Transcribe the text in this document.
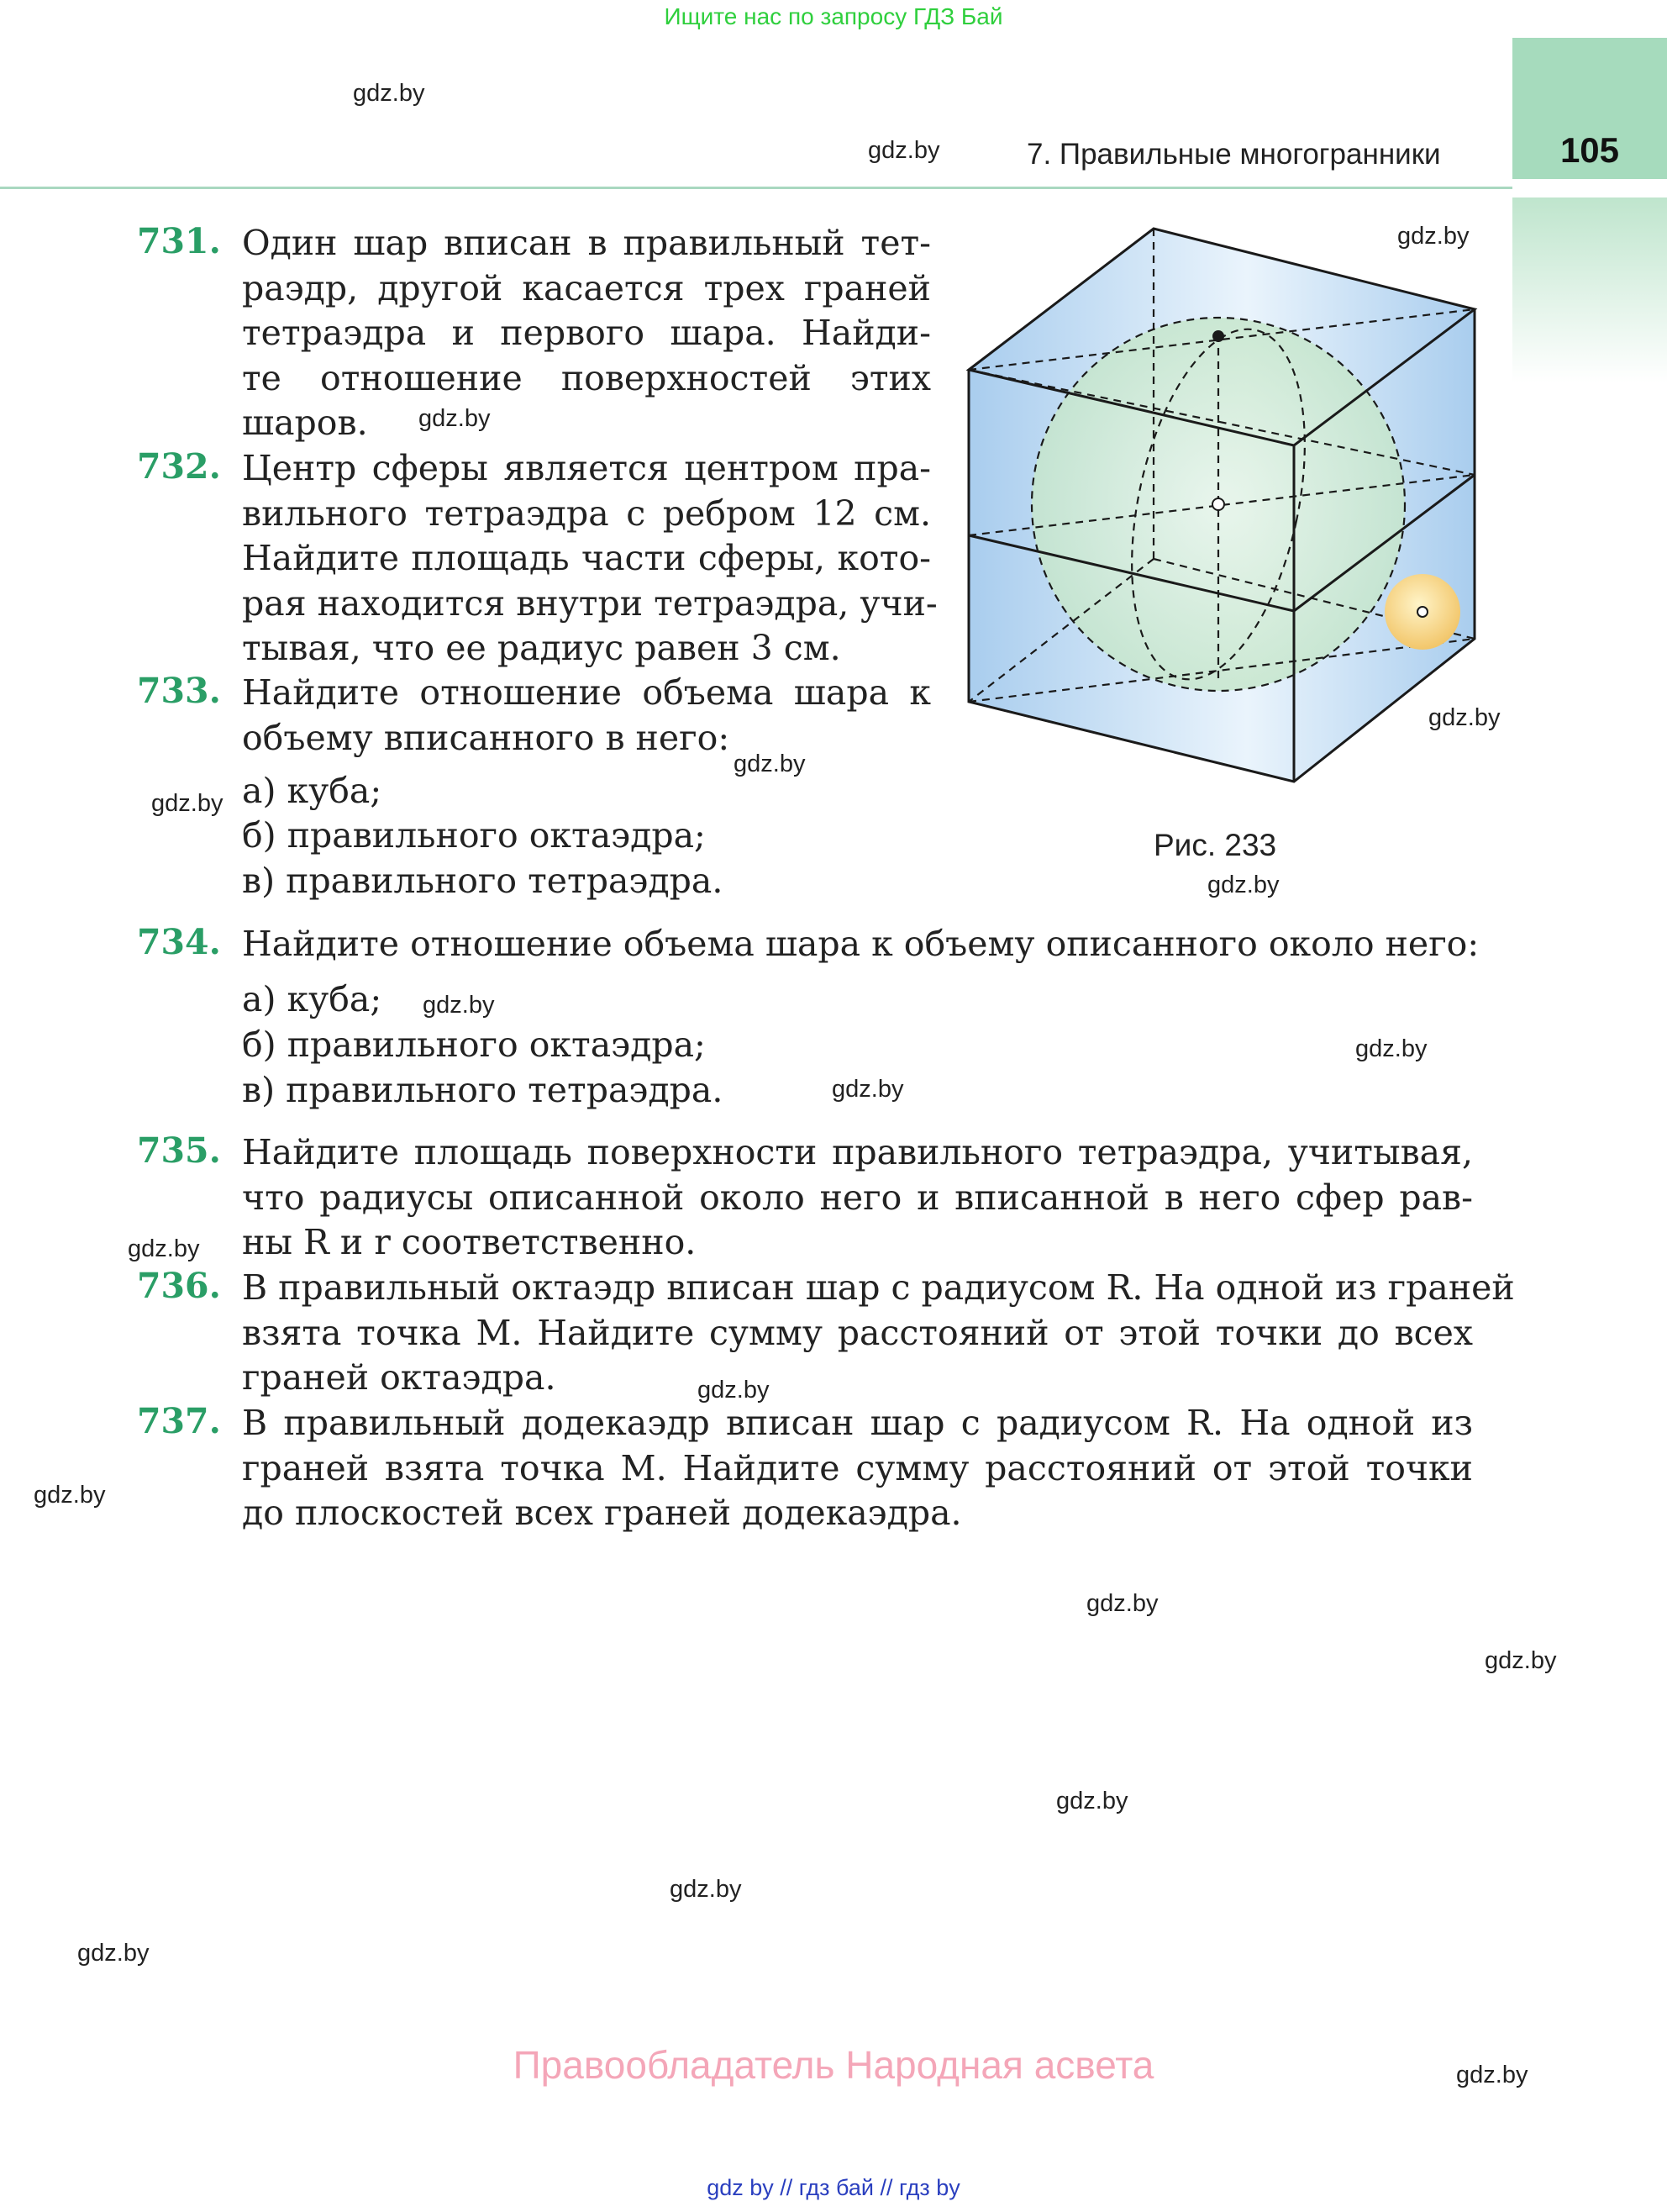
Ищите нас по запросу ГДЗ Бай
105
7. Правильные многогранники
gdz.by
gdz.by
gdz.by
gdz.by
gdz.by
gdz.by
gdz.by
gdz.by
gdz.by
gdz.by
gdz.by
gdz.by
gdz.by
gdz.by
gdz.by
gdz.by
gdz.by
gdz.by
gdz.by
gdz.by
Рис. 233
731. Один шар вписан в правильный тет-
раэдр, другой касается трех граней
тетраэдра и первого шара. Найди-
те отношение поверхностей этих
шаров.
732. Центр сферы является центром пра-
вильного тетраэдра с ребром 12 см.
Найдите площадь части сферы, кото-
рая находится внутри тетраэдра, учи-
тывая, что ее радиус равен 3 см.
733. Найдите отношение объема шара к
объему вписанного в него:
а) куба;
б) правильного октаэдра;
в) правильного тетраэдра.
734. Найдите отношение объема шара к объему описанного около него:
а) куба;
б) правильного октаэдра;
в) правильного тетраэдра.
735. Найдите площадь поверхности правильного тетраэдра, учитывая,
что радиусы описанной около него и вписанной в него сфер рав-
ны R и r соответственно.
736. В правильный октаэдр вписан шар с радиусом R. На одной из граней
взята точка M. Найдите сумму расстояний от этой точки до всех
граней октаэдра.
737. В правильный додекаэдр вписан шар с радиусом R. На одной из
граней взята точка M. Найдите сумму расстояний от этой точки
до плоскостей всех граней додекаэдра.
Правообладатель Народная асвета
gdz by // гдз бай // гдз by
